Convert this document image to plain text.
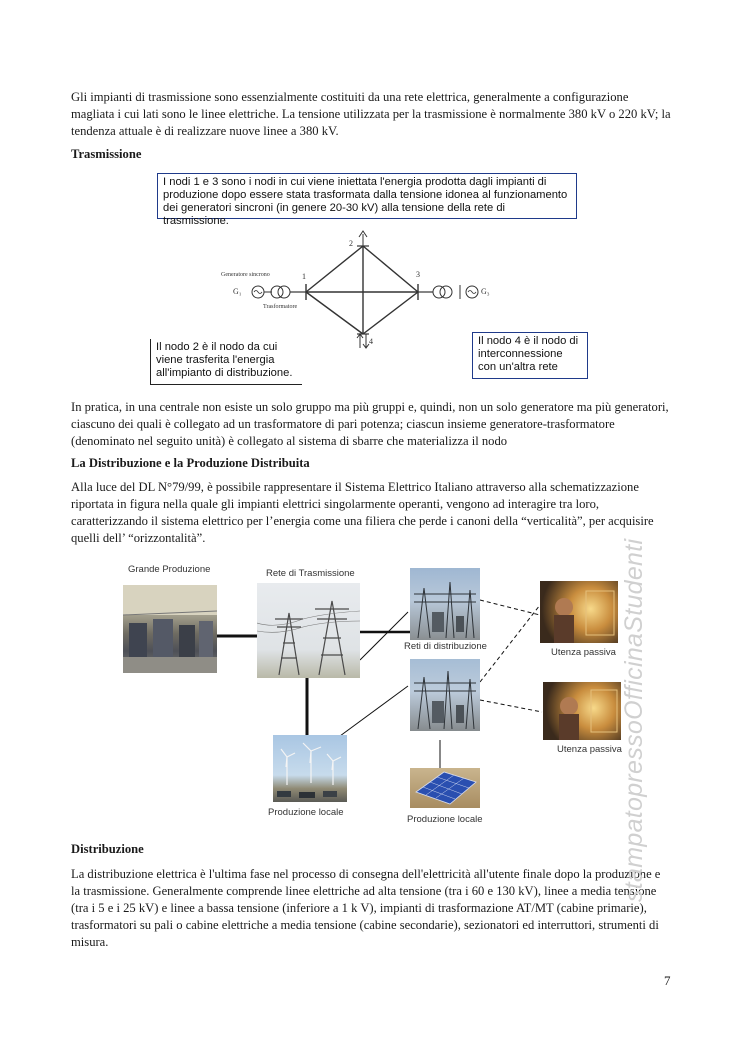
Gli impianti di trasmissione sono essenzialmente costituiti da una rete elettrica, generalmente a configurazione magliata i cui lati sono le linee elettriche. La tensione utilizzata per la trasmissione è normalmente 380 kV o 220 kV; la tendenza attuale è di realizzare nuove linee a 380 kV.

Trasmissione

I nodi 1 e 3 sono i nodi in cui viene iniettata l'energia prodotta dagli impianti di produzione dopo essere stata trasformata dalla tensione idonea al funzionamento dei generatori sincroni (in genere 20-30 kV) alla tensione della rete di trasmissione.
Generatore sincrono
Trasformatore
G₁	G₃
1
2
3
4
Il nodo 2 è il nodo da cui viene trasferita l'energia all'impianto di distribuzione.
Il nodo 4 è il nodo di interconnessione con un'altra rete

In pratica, in una centrale non esiste un solo gruppo ma più gruppi e, quindi, non un solo generatore ma più generatori, ciascuno dei quali è collegato ad un trasformatore di pari potenza; ciascun insieme generatore-trasformatore (denominato nel seguito unità) è collegato al sistema di sbarre che materializza il nodo

La Distribuzione e la Produzione Distribuita

Alla luce del DL N°79/99, è possibile rappresentare il Sistema Elettrico Italiano attraverso alla schematizzazione riportata in figura nella quale gli impianti elettrici singolarmente operanti, vengono ad interagire tra loro, caratterizzando il sistema elettrico per l’energia come una filiera che perde i canoni della “verticalità”, per acquisire quelli dell’ “orizzontalità”.

Grande Produzione	Rete di Trasmissione
Reti di distribuzione
Utenza passiva
Utenza passiva
Produzione locale
Produzione locale

Distribuzione

La distribuzione elettrica è l'ultima fase nel processo di consegna dell'elettricità all'utente finale dopo la produzione e la trasmissione. Generalmente comprende linee elettriche ad alta tensione (tra i 60 e 130 kV), linee a media tensione (tra i 5 e i 25 kV) e linee a bassa tensione (inferiore a 1 k V), impianti di trasformazione AT/MT (cabine primarie), trasformatori su pali o cabine elettriche a media tensione (cabine secondarie), sezionatori ed interruttori, strumenti di misura.

stampatopressoOfficinaStudenti
7
